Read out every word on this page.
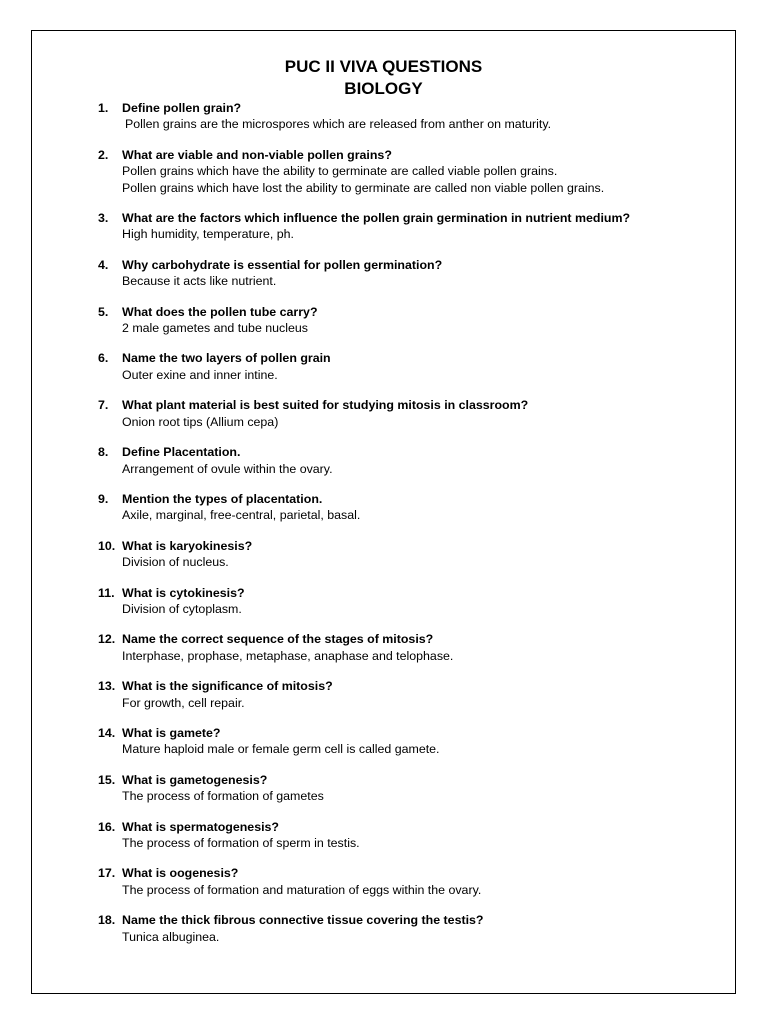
PUC II VIVA QUESTIONS
BIOLOGY
1.	Define pollen grain?
Pollen grains are the microspores which are released from anther on maturity.
2.	What are viable and non-viable pollen grains?
Pollen grains which have the ability to germinate are called viable pollen grains.
Pollen grains which have lost the ability to germinate are called non viable pollen grains.
3.	What are the factors which influence the pollen grain germination in nutrient medium?
High humidity, temperature, ph.
4.	Why carbohydrate is essential for pollen germination?
Because it acts like nutrient.
5.	What does the pollen tube carry?
2 male gametes and tube nucleus
6.	Name the two layers of pollen grain
Outer exine and inner intine.
7.	What plant material is best suited for studying mitosis in classroom?
Onion root tips (Allium cepa)
8.	Define Placentation.
Arrangement of ovule within the ovary.
9.	Mention the types of placentation.
Axile, marginal, free-central, parietal, basal.
10. What is karyokinesis?
Division of nucleus.
11. What is cytokinesis?
Division of cytoplasm.
12. Name the correct sequence of the stages of mitosis?
Interphase, prophase, metaphase, anaphase and telophase.
13. What is the significance of mitosis?
For growth, cell repair.
14. What is gamete?
Mature haploid male or female germ cell is called gamete.
15. What is gametogenesis?
The process of formation of gametes
16. What is spermatogenesis?
The process of formation of sperm in testis.
17. What is oogenesis?
The process of formation and maturation of eggs within the ovary.
18. Name the thick fibrous connective tissue covering the testis?
Tunica albuginea.
